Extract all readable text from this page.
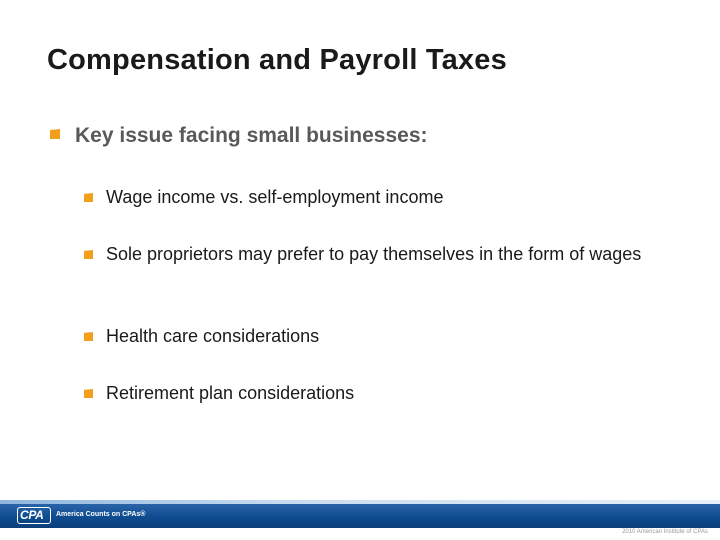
Compensation and Payroll Taxes
Key issue facing small businesses:
Wage income vs. self-employment income
Sole proprietors may prefer to pay themselves in the form of wages
Health care considerations
Retirement plan considerations
CPA America Counts on CPAs®
2010 American Institute of CPAs
